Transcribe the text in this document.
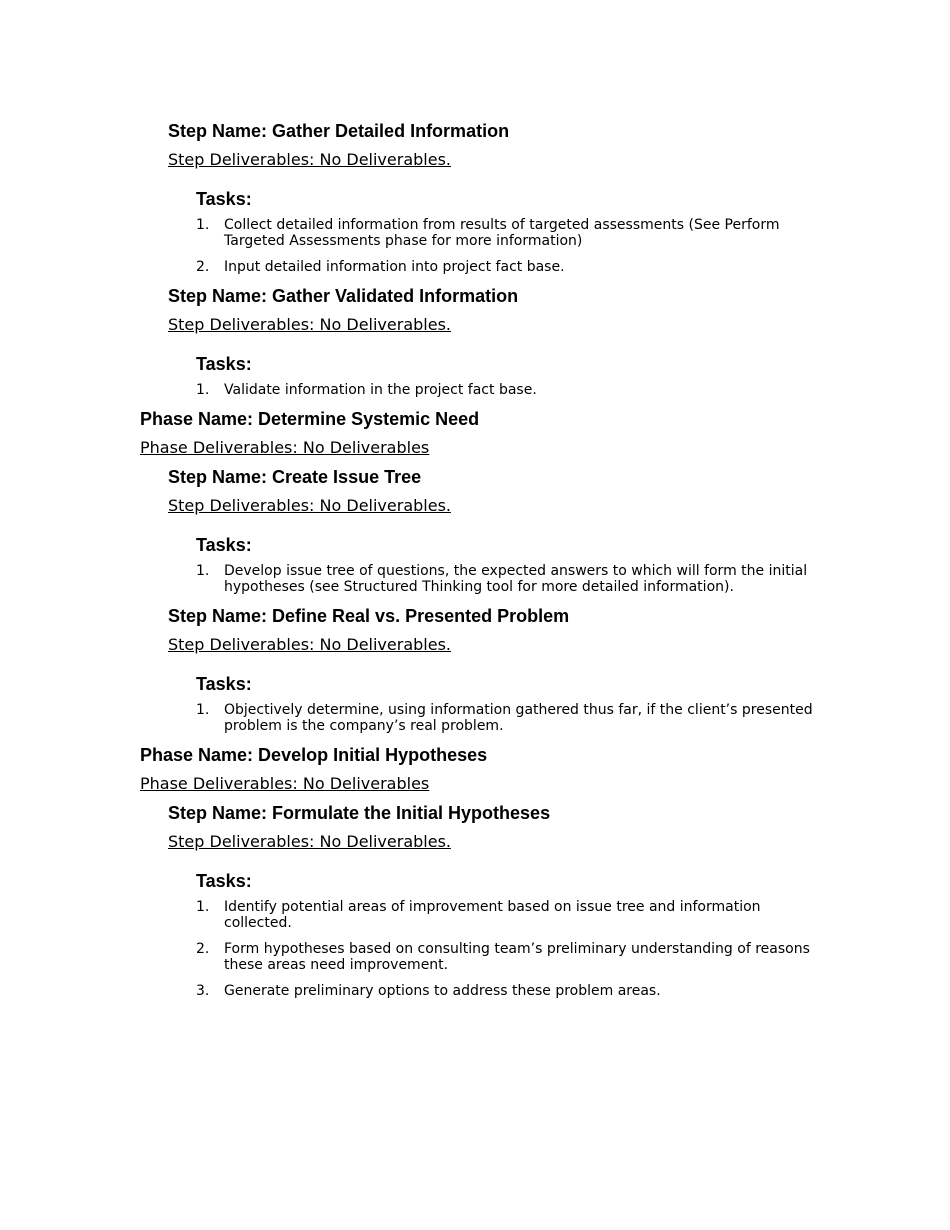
Step Name: Gather Detailed Information

Step Deliverables: No Deliverables.

Tasks:

1.	Collect detailed information from results of targeted assessments (See Perform Targeted Assessments phase for more information)
2.	Input detailed information into project fact base.

Step Name: Gather Validated Information

Step Deliverables: No Deliverables.

Tasks:

1.	Validate information in the project fact base.

Phase Name: Determine Systemic Need

Phase Deliverables: No Deliverables

Step Name: Create Issue Tree

Step Deliverables: No Deliverables.

Tasks:

1.	Develop issue tree of questions, the expected answers to which will form the initial hypotheses (see Structured Thinking tool for more detailed information).

Step Name: Define Real vs. Presented Problem

Step Deliverables: No Deliverables.

Tasks:

1.	Objectively determine, using information gathered thus far, if the client’s presented problem is the company’s real problem.

Phase Name: Develop Initial Hypotheses

Phase Deliverables: No Deliverables

Step Name: Formulate the Initial Hypotheses

Step Deliverables: No Deliverables.

Tasks:

1.	Identify potential areas of improvement based on issue tree and information collected.
2.	Form hypotheses based on consulting team’s preliminary understanding of reasons these areas need improvement.
3.	Generate preliminary options to address these problem areas.
